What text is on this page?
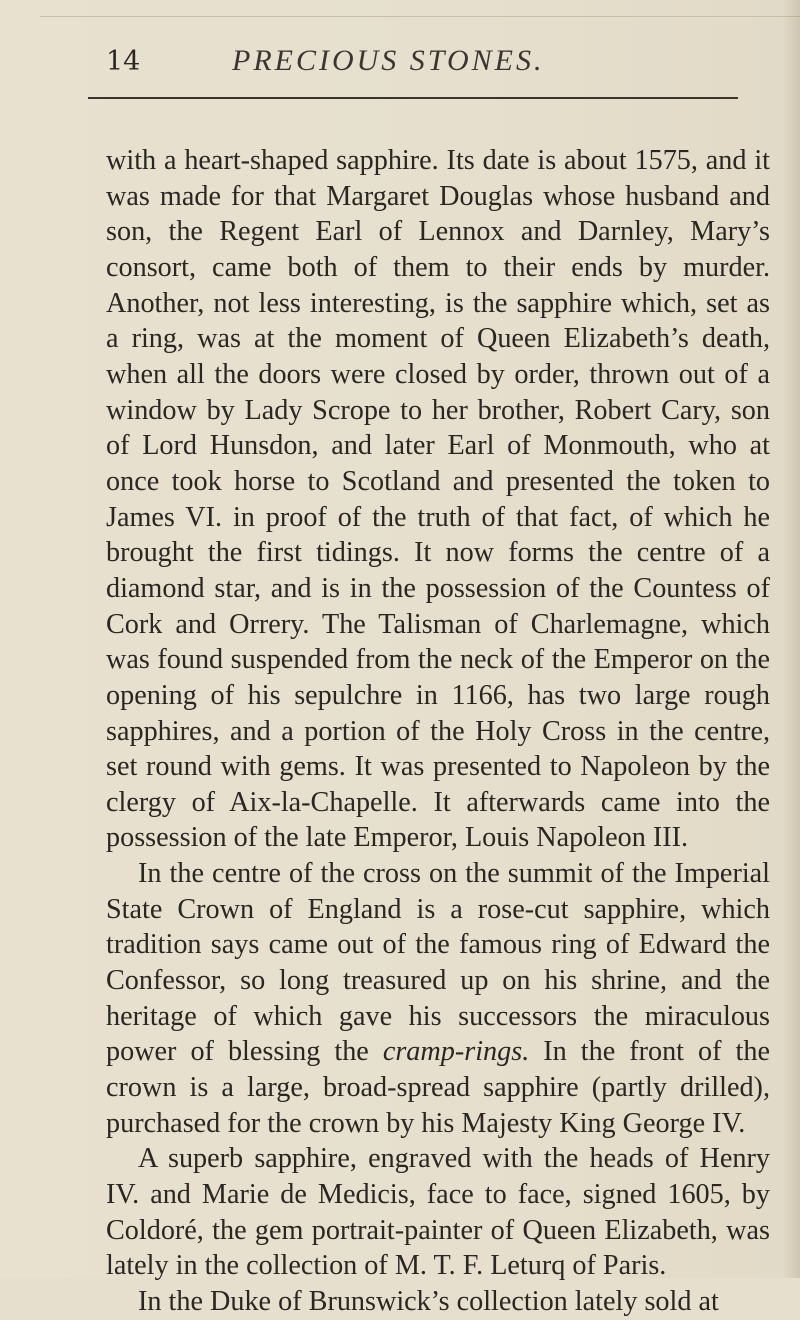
14	PRECIOUS STONES.

with a heart-shaped sapphire. Its date is about 1575, and it was made for that Margaret Douglas whose husband and son, the Regent Earl of Lennox and Darnley, Mary’s consort, came both of them to their ends by murder. Another, not less interesting, is the sapphire which, set as a ring, was at the moment of Queen Elizabeth’s death, when all the doors were closed by order, thrown out of a window by Lady Scrope to her brother, Robert Cary, son of Lord Hunsdon, and later Earl of Monmouth, who at once took horse to Scotland and presented the token to James VI. in proof of the truth of that fact, of which he brought the first tidings. It now forms the centre of a diamond star, and is in the possession of the Countess of Cork and Orrery. The Talisman of Charlemagne, which was found suspended from the neck of the Emperor on the opening of his sepulchre in 1166, has two large rough sapphires, and a portion of the Holy Cross in the centre, set round with gems. It was presented to Napoleon by the clergy of Aix-la-Chapelle. It afterwards came into the possession of the late Emperor, Louis Napoleon III.

In the centre of the cross on the summit of the Imperial State Crown of England is a rose-cut sapphire, which tradition says came out of the famous ring of Edward the Confessor, so long treasured up on his shrine, and the heritage of which gave his successors the miraculous power of blessing the cramp-rings. In the front of the crown is a large, broad-spread sapphire (partly drilled), purchased for the crown by his Majesty King George IV.

A superb sapphire, engraved with the heads of Henry IV. and Marie de Medicis, face to face, signed 1605, by Coldoré, the gem portrait-painter of Queen Elizabeth, was lately in the collection of M. T. F. Leturq of Paris.

In the Duke of Brunswick’s collection lately sold at
